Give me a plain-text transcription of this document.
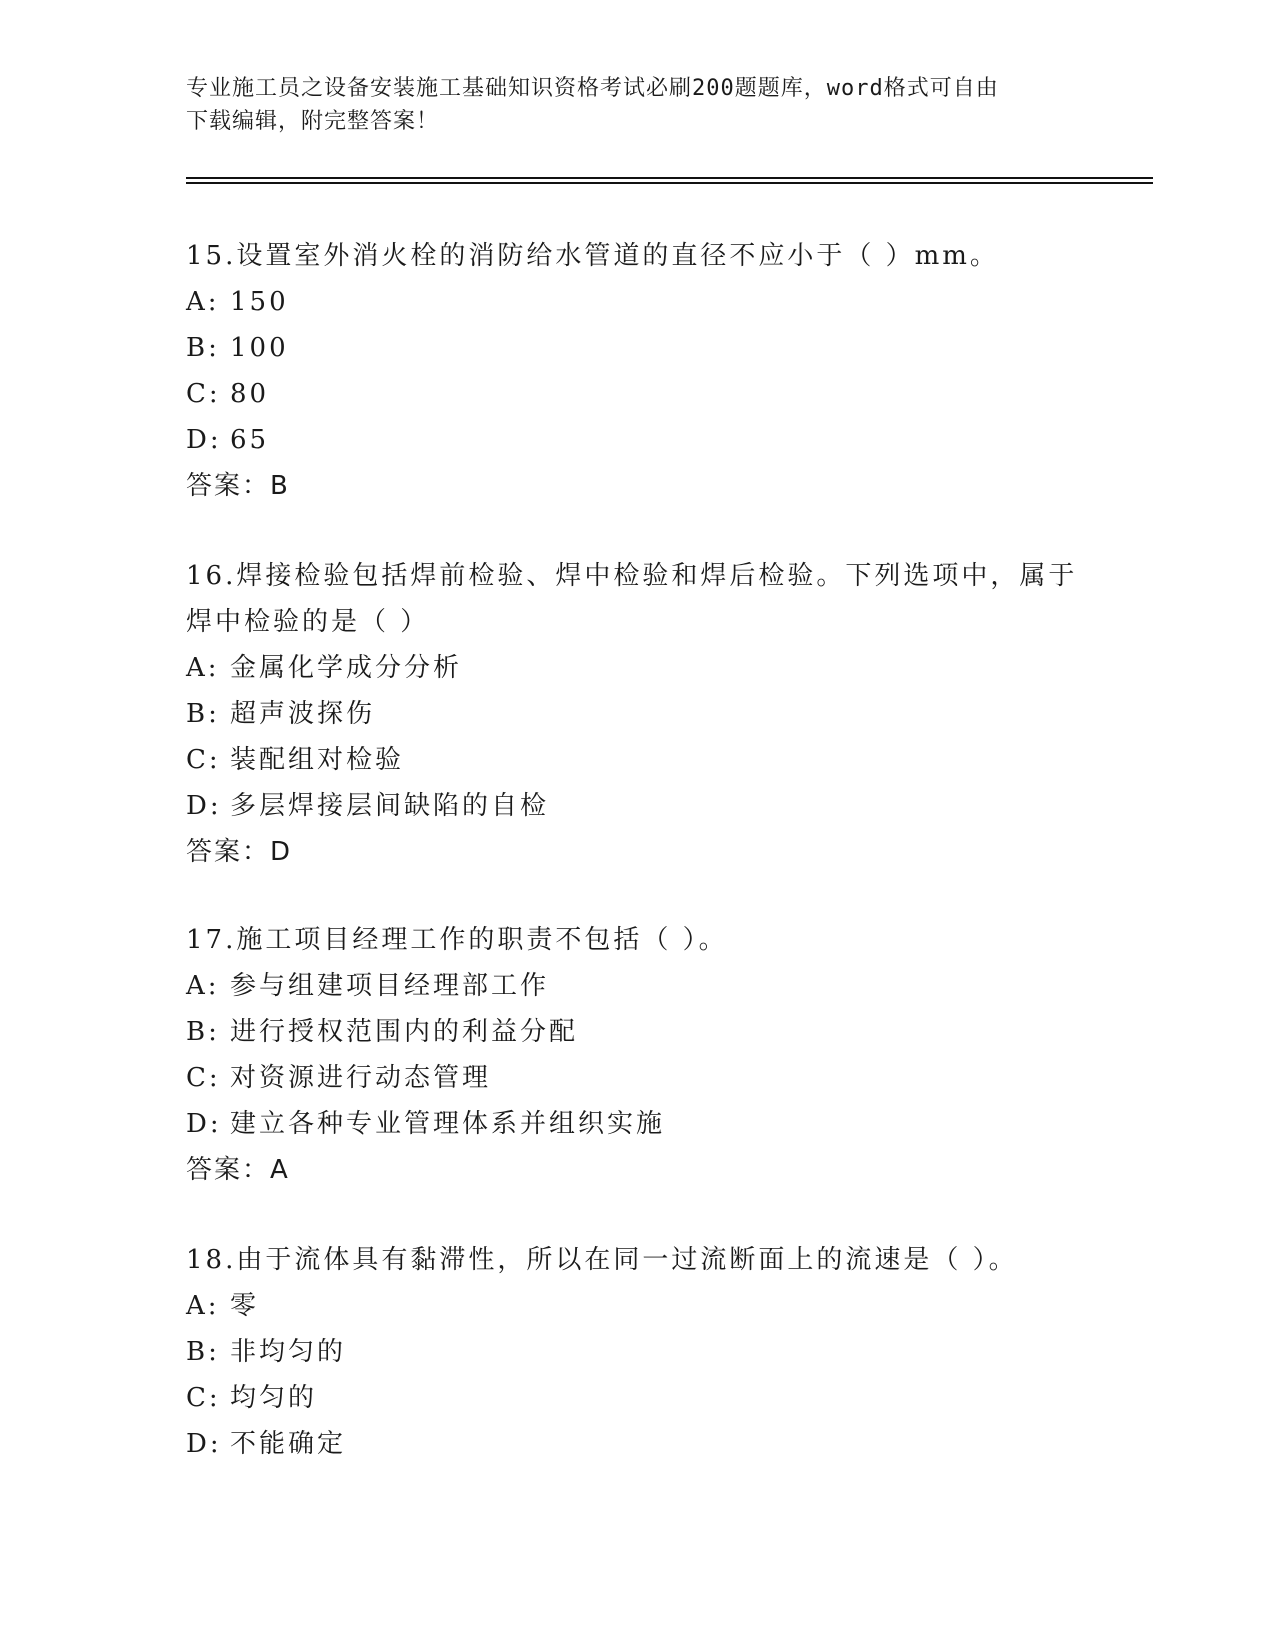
专业施工员之设备安装施工基础知识资格考试必刷200题题库，word格式可自由
下载编辑，附完整答案！
15.设置室外消火栓的消防给水管道的直径不应小于（ ）mm。
A: 150
B: 100
C: 80
D: 65
答案：B
16.焊接检验包括焊前检验、焊中检验和焊后检验。下列选项中，属于
焊中检验的是（ ）
A: 金属化学成分分析
B: 超声波探伤
C: 装配组对检验
D: 多层焊接层间缺陷的自检
答案：D
17.施工项目经理工作的职责不包括（ ）。
A: 参与组建项目经理部工作
B: 进行授权范围内的利益分配
C: 对资源进行动态管理
D: 建立各种专业管理体系并组织实施
答案：A
18.由于流体具有黏滞性，所以在同一过流断面上的流速是（ ）。
A: 零
B: 非均匀的
C: 均匀的
D: 不能确定
